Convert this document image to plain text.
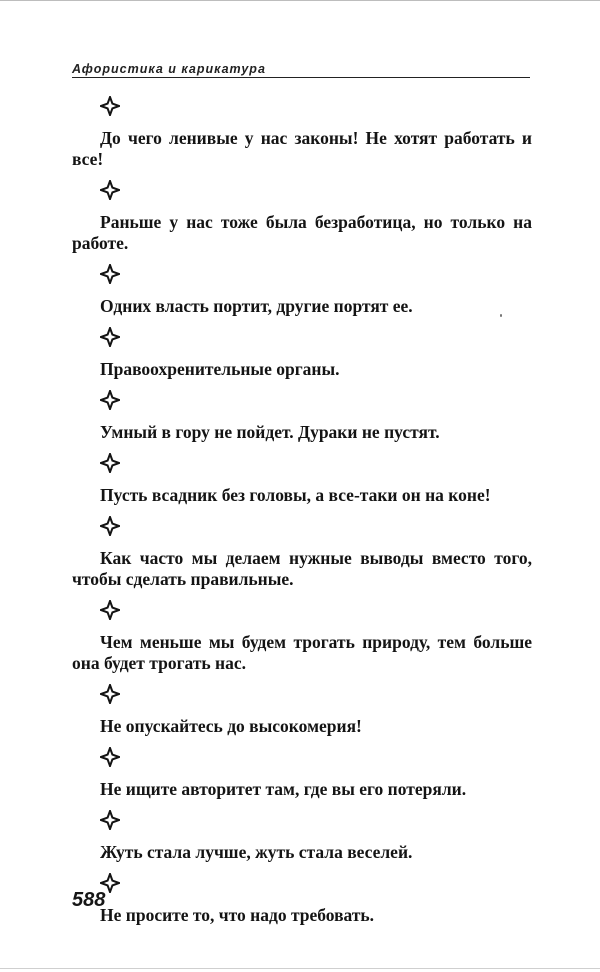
Афористика и карикатура

До чего ленивые у нас законы! Не хотят работать и все!

Раньше у нас тоже была безработица, но только на работе.

Одних власть портит, другие портят ее.

Правоохренительные органы.

Умный в гору не пойдет. Дураки не пустят.

Пусть всадник без головы, а все-таки он на коне!

Как часто мы делаем нужные выводы вместо того, чтобы сделать правильные.

Чем меньше мы будем трогать природу, тем больше она будет трогать нас.

Не опускайтесь до высокомерия!

Не ищите авторитет там, где вы его потеряли.

Жуть стала лучше, жуть стала веселей.

Не просите то, что надо требовать.

588
